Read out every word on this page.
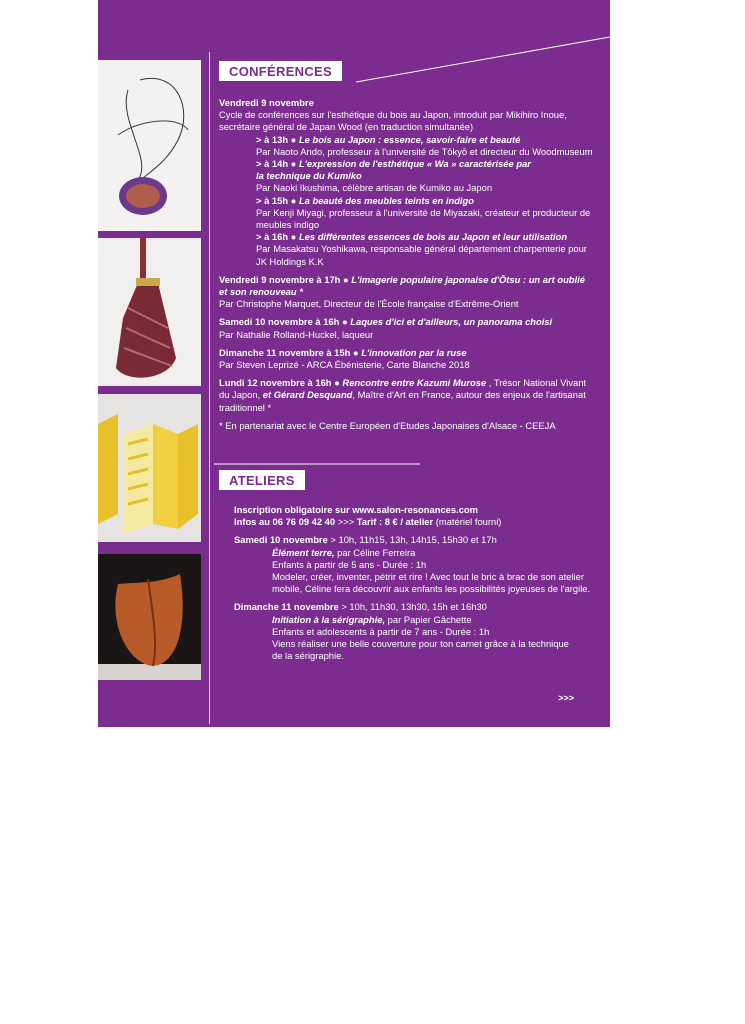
CONFÉRENCES
Vendredi 9 novembre
Cycle de conférences sur l'esthétique du bois au Japon, introduit par Mikihiro Inoue,
secrétaire général de Japan Wood (en traduction simultanée)
> à 13h ● Le bois au Japon : essence, savoir-faire et beauté
Par Naoto Ando, professeur à l'université de Tōkyō et directeur du Woodmuseum
> à 14h ● L'expression de l'esthétique « Wa » caractérisée par
la technique du Kumiko
Par Naoki Ikushima, célèbre artisan de Kumiko au Japon
> à 15h ● La beauté des meubles teints en indigo
Par Kenji Miyagi, professeur à l'université de Miyazaki, créateur et producteur de
meubles indigo
> à 16h ● Les différentes essences de bois au Japon et leur utilisation
Par Masakatsu Yoshikawa, responsable général département charpenterie pour
JK Holdings K.K
Vendredi 9 novembre à 17h ● L'imagerie populaire japonaise d'Ōtsu : un art oublié
et son renouveau *
Par Christophe Marquet, Directeur de l'École française d'Extrême-Orient
Samedi 10 novembre à 16h ● Laques d'ici et d'ailleurs, un panorama choisi
Par Nathalie Rolland-Huckel, laqueur
Dimanche 11 novembre à 15h ● L'innovation par la ruse
Par Steven Leprizé - ARCA Ébénisterie, Carte Blanche 2018
Lundi 12 novembre à 16h ● Rencontre entre Kazumi Murose , Trésor National Vivant
du Japon, et Gérard Desquand, Maître d'Art en France, autour des enjeux de l'artisanat
traditionnel *
* En partenariat avec le Centre Européen d'Etudes Japonaises d'Alsace - CEEJA
ATELIERS
Inscription obligatoire sur www.salon-resonances.com
Infos au 06 76 09 42 40 >>> Tarif : 8 € / atelier (matériel fourni)
Samedi 10 novembre > 10h, 11h15, 13h, 14h15, 15h30 et 17h
Élément terre, par Céline Ferreira
Enfants à partir de 5 ans - Durée : 1h
Modeler, créer, inventer, pétrir et rire ! Avec tout le bric à brac de son atelier
mobile, Céline fera découvrir aux enfants les possibilités joyeuses de l'argile.
Dimanche 11 novembre > 10h, 11h30, 13h30, 15h et 16h30
Initiation à la sérigraphie, par Papier Gâchette
Enfants et adolescents à partir de 7 ans - Durée : 1h
Viens réaliser une belle couverture pour ton carnet grâce à la technique
de la sérigraphie.
>>>
